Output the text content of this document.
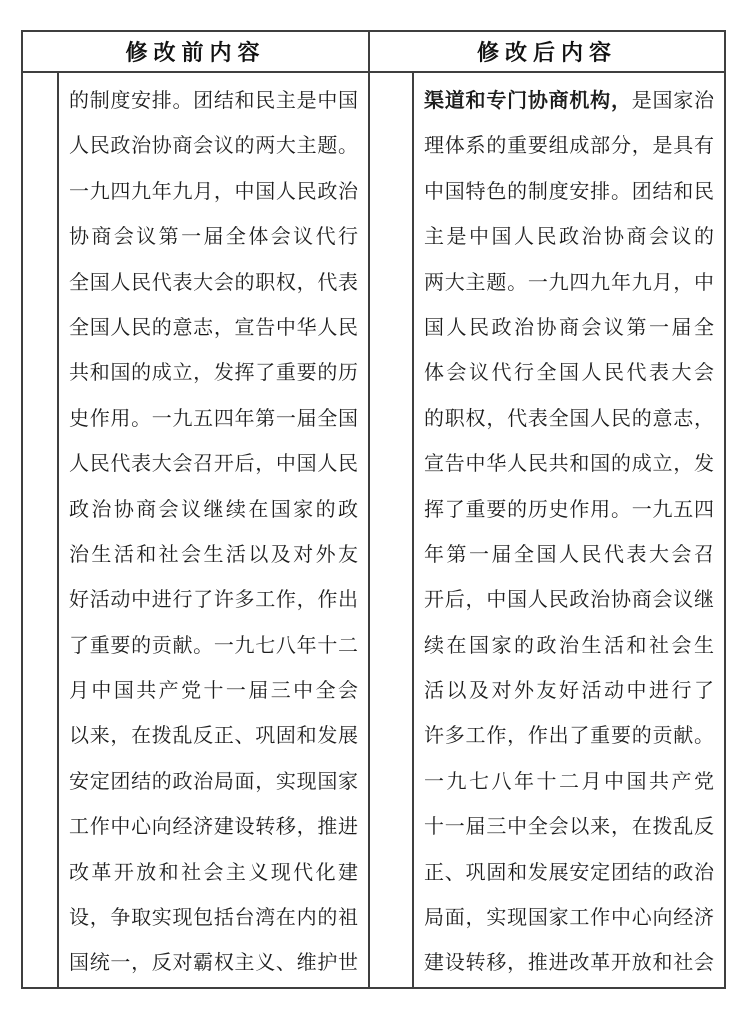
修改前内容		修改后内容	

的制度安排。团结和民主是中国
人民政治协商会议的两大主题。
一九四九年九月，中国人民政治
协商会议第一届全体会议代行
全国人民代表大会的职权，代表
全国人民的意志，宣告中华人民
共和国的成立，发挥了重要的历
史作用。一九五四年第一届全国
人民代表大会召开后，中国人民
政治协商会议继续在国家的政
治生活和社会生活以及对外友
好活动中进行了许多工作，作出
了重要的贡献。一九七八年十二
月中国共产党十一届三中全会
以来，在拨乱反正、巩固和发展
安定团结的政治局面，实现国家
工作中心向经济建设转移，推进
改革开放和社会主义现代化建
设，争取实现包括台湾在内的祖
国统一，反对霸权主义、维护世

渠道和专门协商机构，是国家治
理体系的重要组成部分，是具有
中国特色的制度安排。团结和民
主是中国人民政治协商会议的
两大主题。一九四九年九月，中
国人民政治协商会议第一届全
体会议代行全国人民代表大会
的职权，代表全国人民的意志，
宣告中华人民共和国的成立，发
挥了重要的历史作用。一九五四
年第一届全国人民代表大会召
开后，中国人民政治协商会议继
续在国家的政治生活和社会生
活以及对外友好活动中进行了
许多工作，作出了重要的贡献。
一九七八年十二月中国共产党
十一届三中全会以来，在拨乱反
正、巩固和发展安定团结的政治
局面，实现国家工作中心向经济
建设转移，推进改革开放和社会
